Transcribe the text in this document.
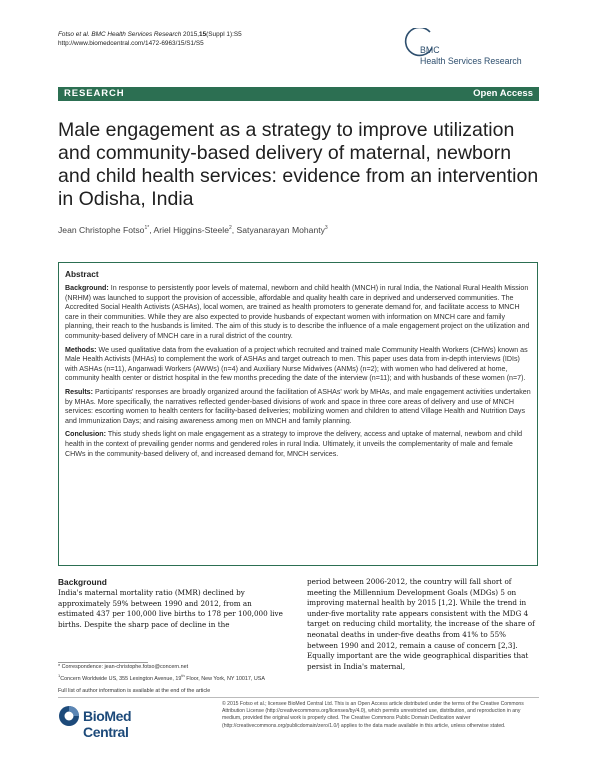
Fotso et al. BMC Health Services Research 2015,15(Suppl 1):S5
http://www.biomedcentral.com/1472-6963/15/S1/S5
BMC
Health Services Research
RESEARCH	Open Access
Male engagement as a strategy to improve utilization and community-based delivery of maternal, newborn and child health services: evidence from an intervention in Odisha, India
Jean Christophe Fotso$^{1*}$, Ariel Higgins-Steele$^2$, Satyanarayan Mohanty$^3$
Abstract

Background: In response to persistently poor levels of maternal, newborn and child health (MNCH) in rural India, the National Rural Health Mission (NRHM) was launched to support the provision of accessible, affordable and quality health care in deprived and underserved communities. The Accredited Social Health Activists (ASHAs), local women, are trained as health promoters to generate demand for, and facilitate access to MNCH care in their communities. While they are also expected to provide husbands of expectant women with information on MNCH care and family planning, their reach to the husbands is limited. The aim of this study is to describe the influence of a male engagement project on the utilization and community-based delivery of MNCH care in a rural district of the country.

Methods: We used qualitative data from the evaluation of a project which recruited and trained male Community Health Workers (CHWs) known as Male Health Activists (MHAs) to complement the work of ASHAs and target outreach to men. This paper uses data from in-depth interviews (IDIs) with ASHAs (n=11), Anganwadi Workers (AWWs) (n=4) and Auxiliary Nurse Midwives (ANMs) (n=2); with women who had delivered at home, community health center or district hospital in the few months preceding the date of the interview (n=11); and with husbands of these women (n=7).

Results: Participants' responses are broadly organized around the facilitation of ASHAs' work by MHAs, and male engagement activities undertaken by MHAs. More specifically, the narratives reflected gender-based divisions of work and space in three core areas of delivery and use of MNCH services: escorting women to health centers for facility-based deliveries; mobilizing women and children to attend Village Health and Nutrition Days and Immunization Days; and raising awareness among men on MNCH and family planning.

Conclusion: This study sheds light on male engagement as a strategy to improve the delivery, access and uptake of maternal, newborn and child health in the context of prevailing gender norms and gendered roles in rural India. Ultimately, it unveils the complementarity of male and female CHWs in the community-based delivery of, and increased demand for, MNCH services.

Background
India's maternal mortality ratio (MMR) declined by approximately 59% between 1990 and 2012, from an estimated 437 per 100,000 live births to 178 per 100,000 live births. Despite the sharp pace of decline in the
period between 2006-2012, the country will fall short of meeting the Millennium Development Goals (MDGs) 5 on improving maternal health by 2015 [1,2]. While the trend in under-five mortality rate appears consistent with the MDG 4 target on reducing child mortality, the increase of the share of neonatal deaths in under-five deaths from 41% to 55% between 1990 and 2012, remain a cause of concern [2,3]. Equally important are the wide geographical disparities that persist in India's maternal,
* Correspondence: jean-christophe.fotso@concern.net
$^1$Concern Worldwide US, 355 Lexington Avenue, 19th Floor, New York, NY 10017, USA
Full list of author information is available at the end of the article
BioMed Central
© 2015 Fotso et al.; licensee BioMed Central Ltd. This is an Open Access article distributed under the terms of the Creative Commons Attribution License (http://creativecommons.org/licenses/by/4.0), which permits unrestricted use, distribution, and reproduction in any medium, provided the original work is properly cited. The Creative Commons Public Domain Dedication waiver (http://creativecommons.org/publicdomain/zero/1.0/) applies to the data made available in this article, unless otherwise stated.
